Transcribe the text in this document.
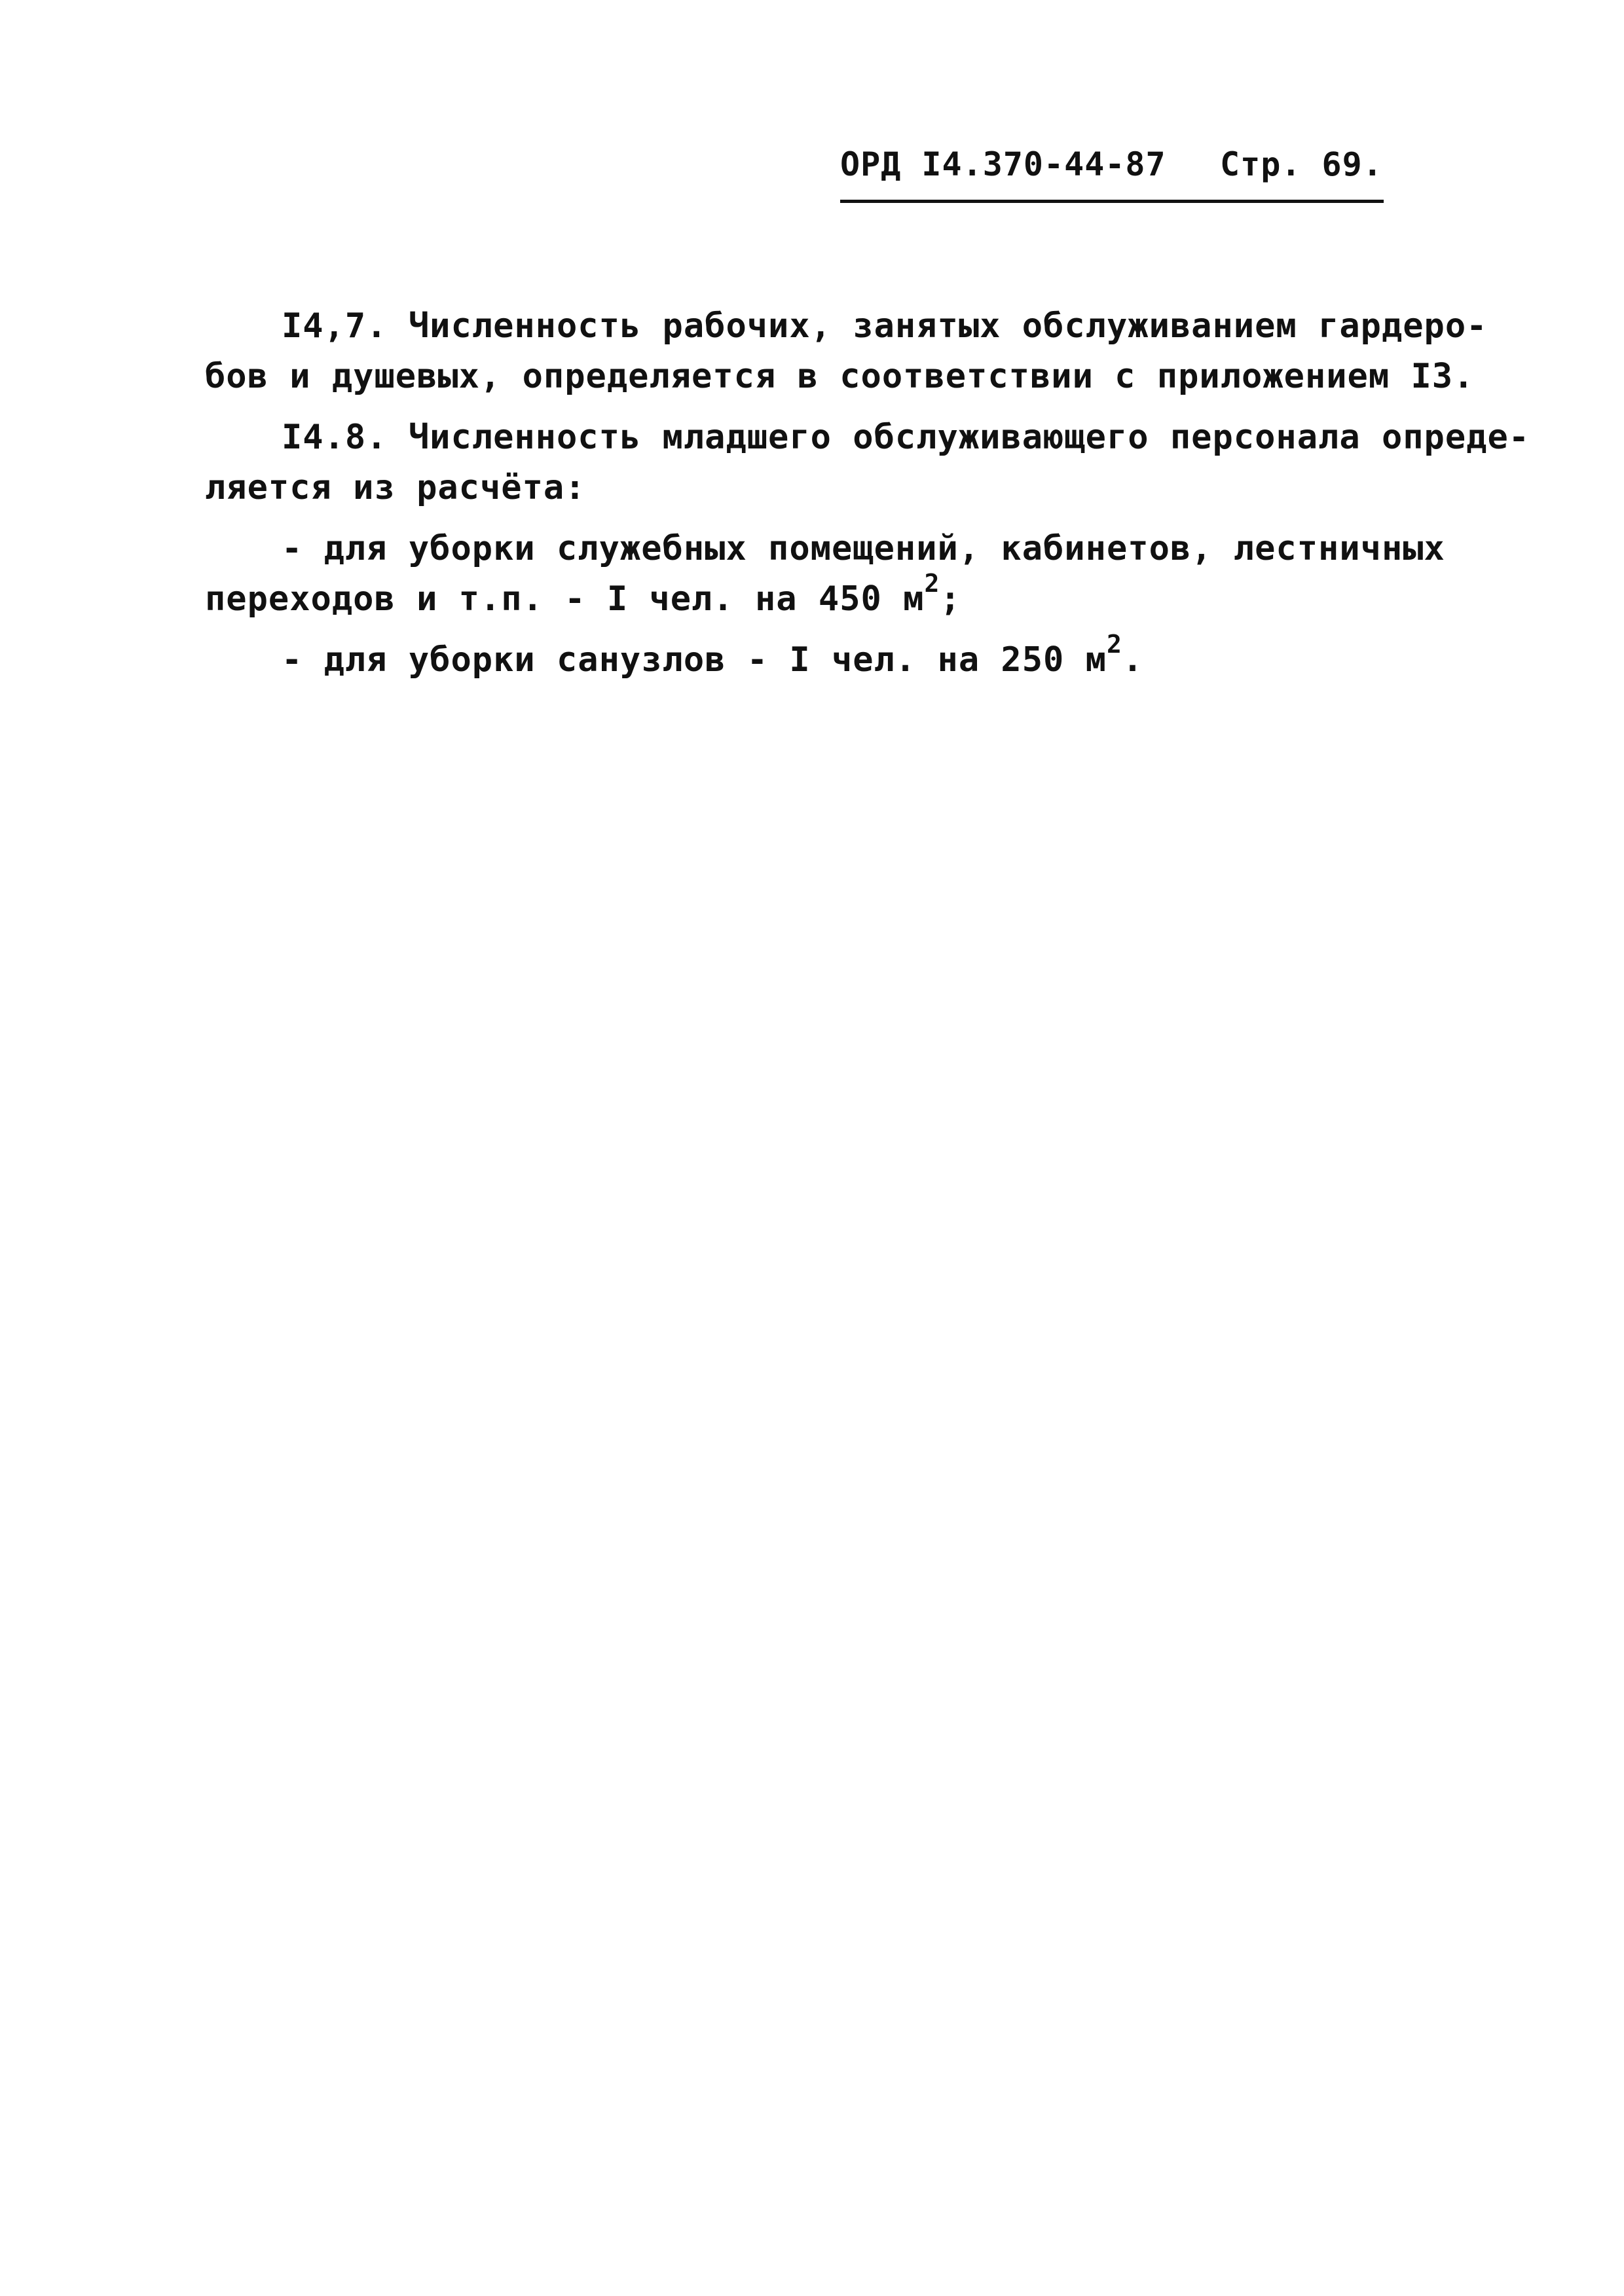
ОРД I4.370-44-87 Стр. 69.
I4,7. Численность рабочих, занятых обслуживанием гардеро-
бов и душевых, определяется в соответствии с приложением I3.
I4.8. Численность младшего обслуживающего персонала опреде-
ляется из расчёта:
- для уборки служебных помещений, кабинетов, лестничных
переходов и т.п. - I чел. на 450 $м^2$;
- для уборки санузлов - I чел. на 250 $м^2$.
